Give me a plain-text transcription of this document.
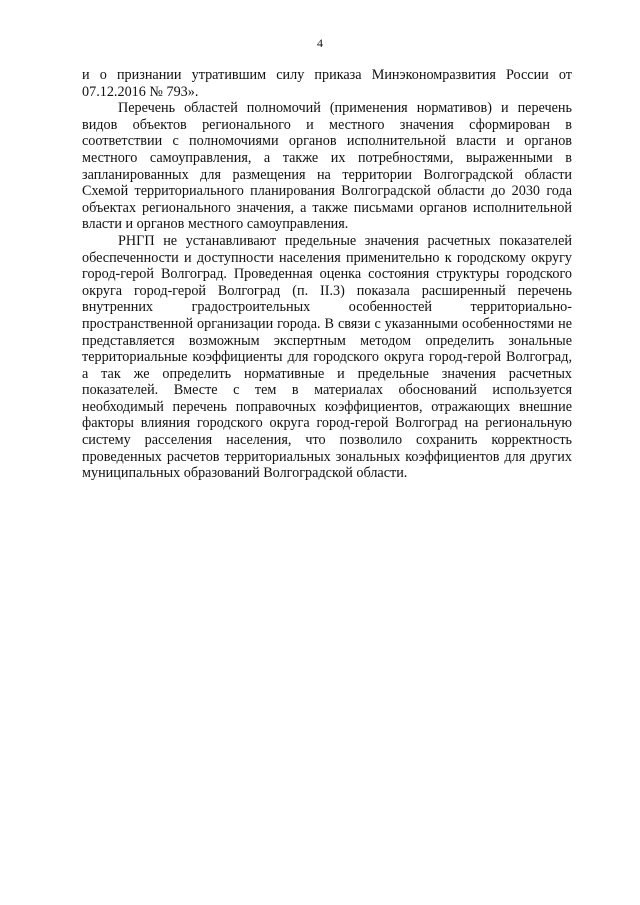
4

и о признании утратившим силу приказа Минэкономразвития России от 07.12.2016 № 793».

Перечень областей полномочий (применения нормативов) и перечень видов объектов регионального и местного значения сформирован в соответствии с полномочиями органов исполнительной власти и органов местного самоуправления, а также их потребностями, выраженными в запланированных для размещения на территории Волгоградской области Схемой территориального планирования Волгоградской области до 2030 года объектах регионального значения, а также письмами органов исполнительной власти и органов местного самоуправления.

РНГП не устанавливают предельные значения расчетных показателей обеспеченности и доступности населения применительно к городскому округу город-герой Волгоград. Проведенная оценка состояния структуры городского округа город-герой Волгоград (п. II.3) показала расширенный перечень внутренних градостроительных особенностей территориально-пространственной организации города. В связи с указанными особенностями не представляется возможным экспертным методом определить зональные территориальные коэффициенты для городского округа город-герой Волгоград, а так же определить нормативные и предельные значения расчетных показателей. Вместе с тем в материалах обоснований используется необходимый перечень поправочных коэффициентов, отражающих внешние факторы влияния городского округа город-герой Волгоград на региональную систему расселения населения, что позволило сохранить корректность проведенных расчетов территориальных зональных коэффициентов для других муниципальных образований Волгоградской области.
